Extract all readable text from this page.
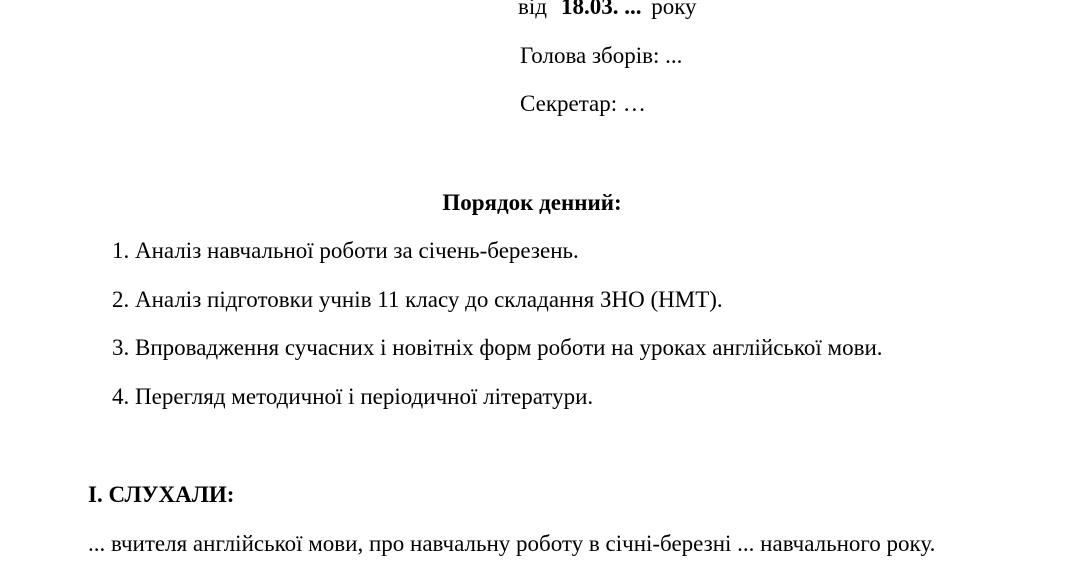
від 18.03. ... року
Голова зборів: ...
Секретар: …
Порядок денний:
1. Аналіз навчальної роботи за січень-березень.
2. Аналіз підготовки учнів 11 класу до складання ЗНО (НМТ).
3. Впровадження сучасних і новітніх форм роботи на уроках англійської мови.
4. Перегляд методичної і періодичної літератури.
І. СЛУХАЛИ:
... вчителя англійської мови, про навчальну роботу в січні-березні ... навчального року.
